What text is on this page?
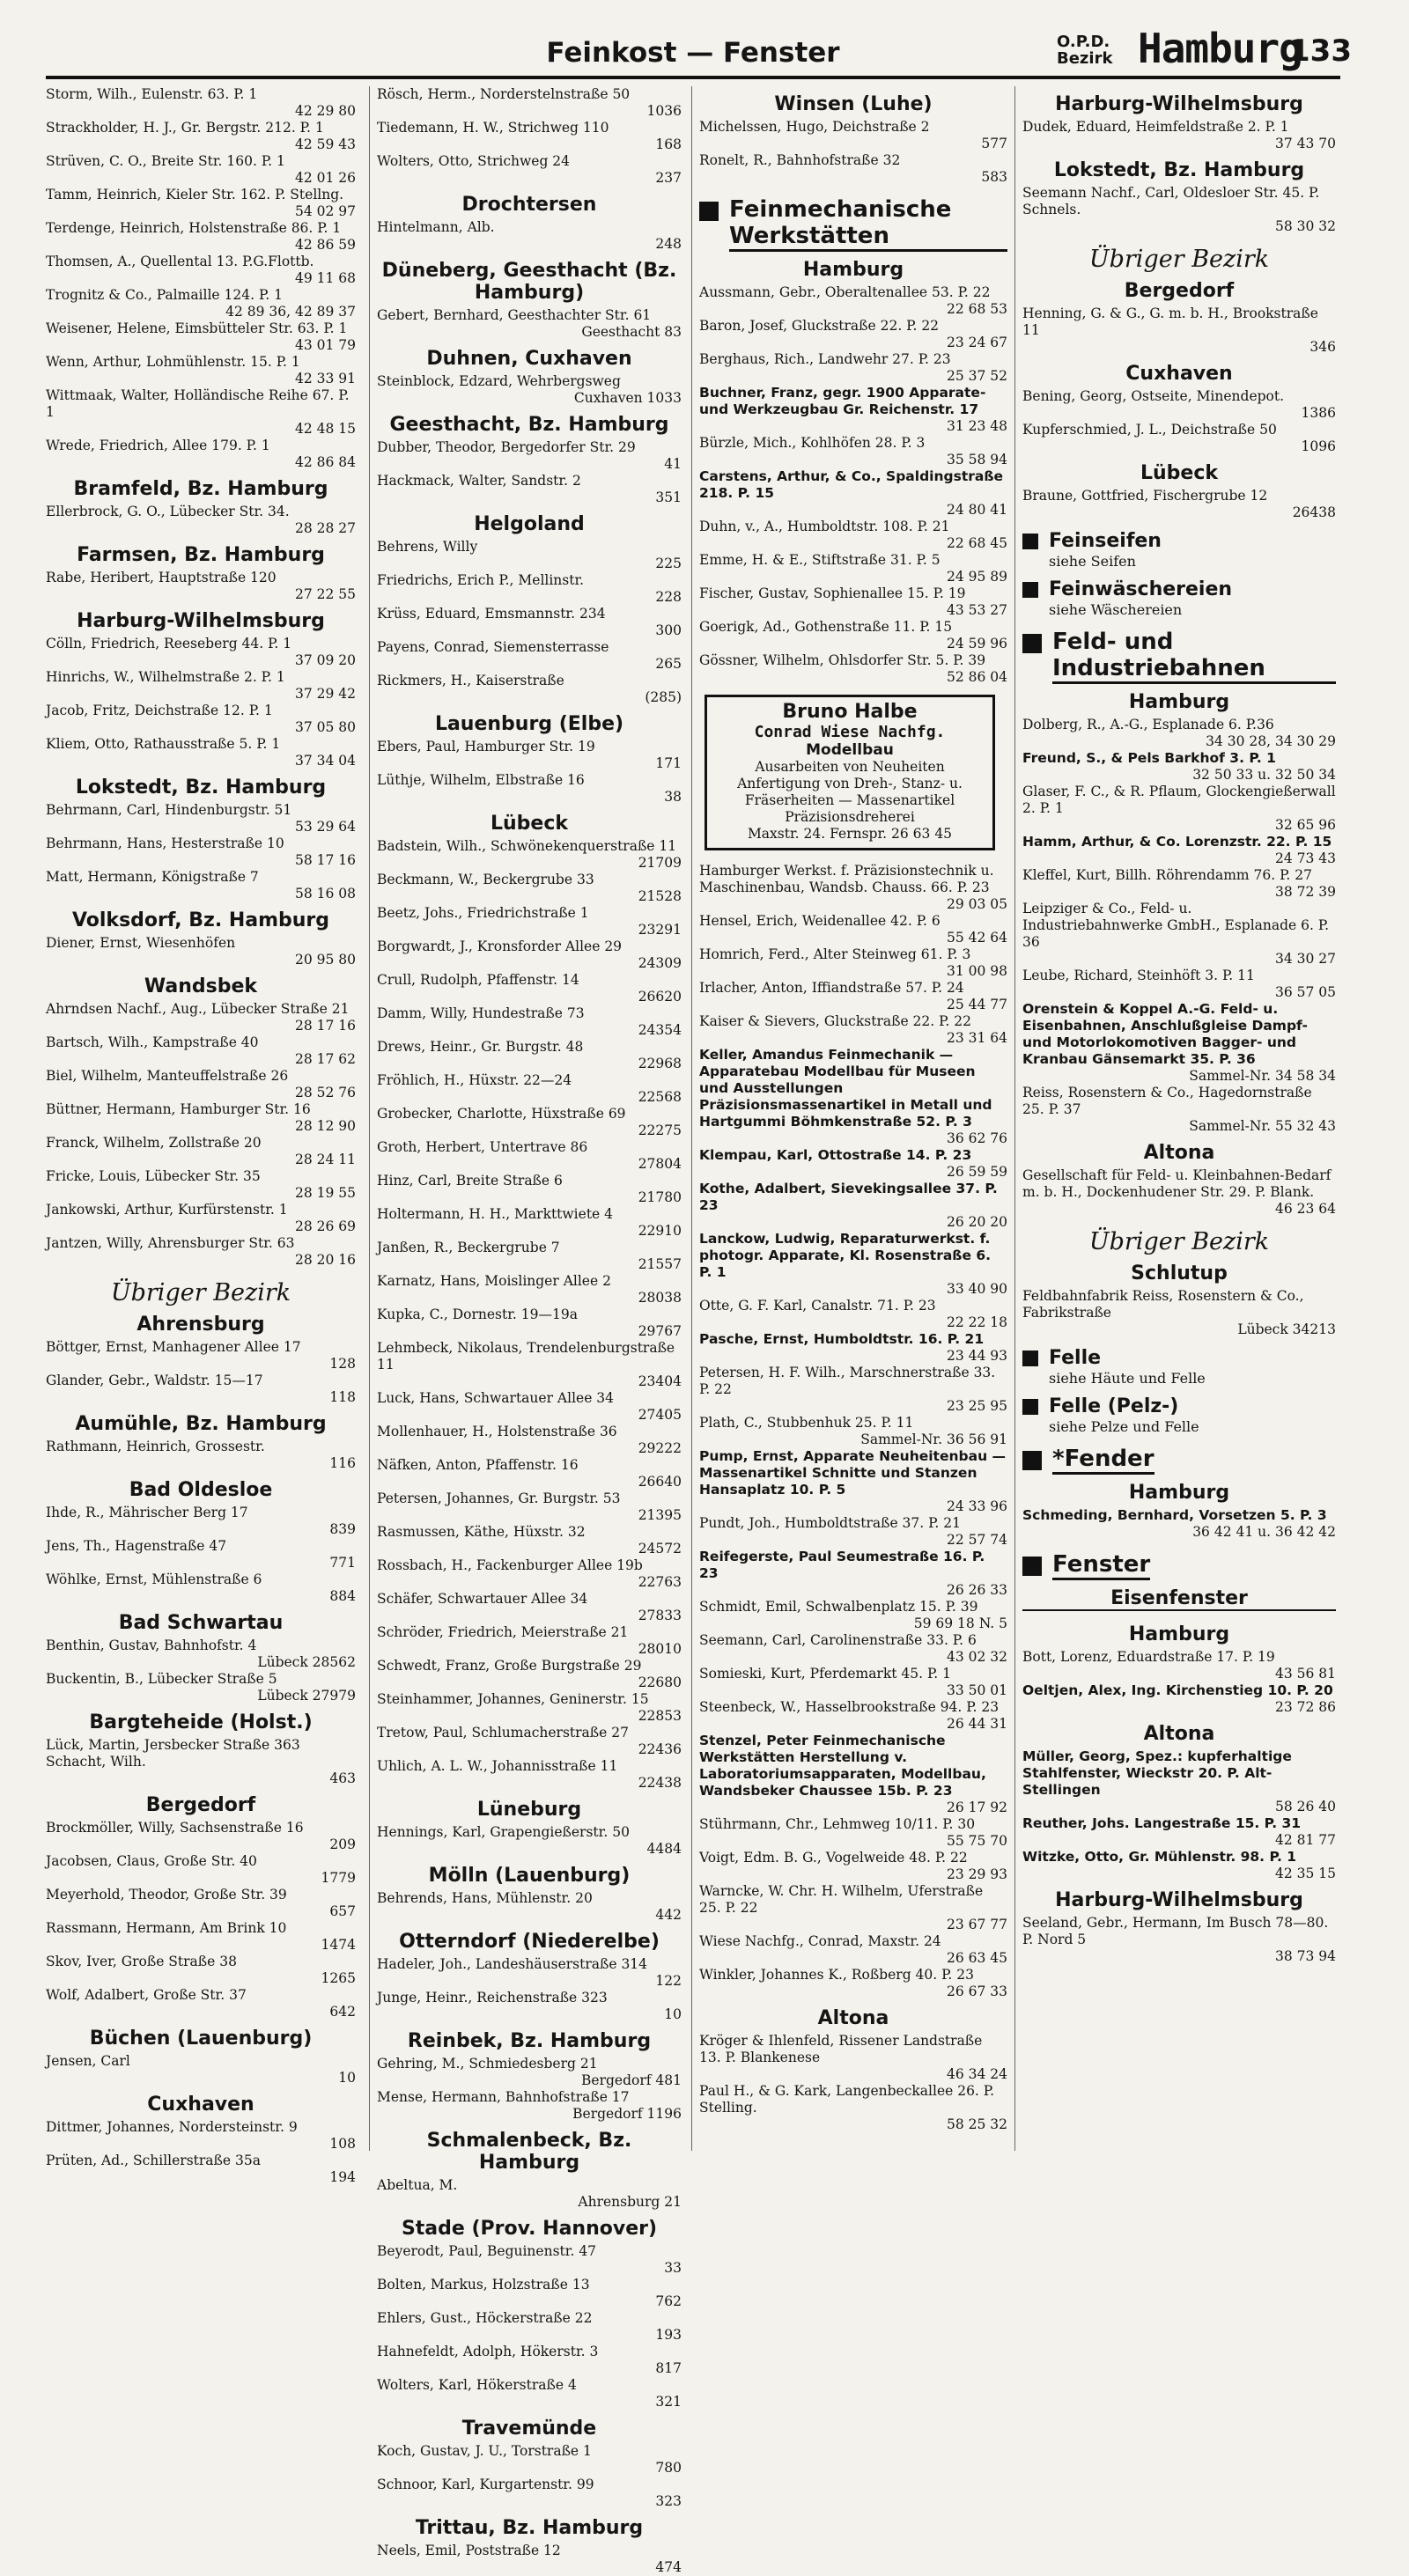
Feinkost — Fenster	O.P.D.
Bezirk Hamburg
133
Storm, Wilh., Eulenstr. 63. P. 1
42 29 80
Strackholder, H. J., Gr. Bergstr. 212. P. 1
42 59 43
Strüven, C. O., Breite Str. 160. P. 1
42 01 26
Tamm, Heinrich, Kieler Str. 162. P. Stellng.
54 02 97
Terdenge, Heinrich, Holstenstraße 86. P. 1
42 86 59
Thomsen, A., Quellental 13. P.G.Flottb.
49 11 68
Trognitz & Co., Palmaille 124. P. 1
42 89 36, 42 89 37
Weisener, Helene, Eimsbütteler Str. 63. P. 1
43 01 79
Wenn, Arthur, Lohmühlenstr. 15. P. 1
42 33 91
Wittmaak, Walter, Holländische Reihe 67. P. 1
42 48 15
Wrede, Friedrich, Allee 179. P. 1
42 86 84
Bramfeld, Bz. Hamburg
Ellerbrock, G. O., Lübecker Str. 34.
28 28 27
Farmsen, Bz. Hamburg
Rabe, Heribert, Hauptstraße 120
27 22 55
Harburg-Wilhelmsburg
Cölln, Friedrich, Reeseberg 44. P. 1
37 09 20
Hinrichs, W., Wilhelmstraße 2. P. 1
37 29 42
Jacob, Fritz, Deichstraße 12. P. 1
37 05 80
Kliem, Otto, Rathausstraße 5. P. 1
37 34 04
Lokstedt, Bz. Hamburg
Behrmann, Carl, Hindenburgstr. 51
53 29 64
Behrmann, Hans, Hesterstraße 10
58 17 16
Matt, Hermann, Königstraße 7
58 16 08
Volksdorf, Bz. Hamburg
Diener, Ernst, Wiesenhöfen
20 95 80
Wandsbek
Ahrndsen Nachf., Aug., Lübecker Straße 21
28 17 16
Bartsch, Wilh., Kampstraße 40
28 17 62
Biel, Wilhelm, Manteuffelstraße 26
28 52 76
Büttner, Hermann, Hamburger Str. 16
28 12 90
Franck, Wilhelm, Zollstraße 20
28 24 11
Fricke, Louis, Lübecker Str. 35
28 19 55
Jankowski, Arthur, Kurfürstenstr. 1
28 26 69
Jantzen, Willy, Ahrensburger Str. 63
28 20 16
Übriger Bezirk
Ahrensburg
Böttger, Ernst, Manhagener Allee 17
128
Glander, Gebr., Waldstr. 15—17
118
Aumühle, Bz. Hamburg
Rathmann, Heinrich, Grossestr.
116
Bad Oldesloe
Ihde, R., Mährischer Berg 17
839
Jens, Th., Hagenstraße 47
771
Wöhlke, Ernst, Mühlenstraße 6
884
Bad Schwartau
Benthin, Gustav, Bahnhofstr. 4
Lübeck 28562
Buckentin, B., Lübecker Straße 5
Lübeck 27979
Bargteheide (Holst.)
Lück, Martin, Jersbecker Straße 363
Schacht, Wilh.
463
Bergedorf
Brockmöller, Willy, Sachsenstraße 16
209
Jacobsen, Claus, Große Str. 40
1779
Meyerhold, Theodor, Große Str. 39
657
Rassmann, Hermann, Am Brink 10
1474
Skov, Iver, Große Straße 38
1265
Wolf, Adalbert, Große Str. 37
642
Büchen (Lauenburg)
Jensen, Carl
10
Cuxhaven
Dittmer, Johannes, Nordersteinstr. 9
108
Prüten, Ad., Schillerstraße 35a
194
Rösch, Herm., Norderstelnstraße 50
1036
Tiedemann, H. W., Strichweg 110
168
Wolters, Otto, Strichweg 24
237
Drochtersen
Hintelmann, Alb.
248
Düneberg, Geesthacht (Bz. Hamburg)
Gebert, Bernhard, Geesthachter Str. 61
Geesthacht 83
Duhnen, Cuxhaven
Steinblock, Edzard, Wehrbergsweg
Cuxhaven 1033
Geesthacht, Bz. Hamburg
Dubber, Theodor, Bergedorfer Str. 29
41
Hackmack, Walter, Sandstr. 2
351
Helgoland
Behrens, Willy
225
Friedrichs, Erich P., Mellinstr.
228
Krüss, Eduard, Emsmannstr. 234
300
Payens, Conrad, Siemensterrasse
265
Rickmers, H., Kaiserstraße
(285)
Lauenburg (Elbe)
Ebers, Paul, Hamburger Str. 19
171
Lüthje, Wilhelm, Elbstraße 16
38
Lübeck
Badstein, Wilh., Schwönekenquerstraße 11
21709
Beckmann, W., Beckergrube 33
21528
Beetz, Johs., Friedrichstraße 1
23291
Borgwardt, J., Kronsforder Allee 29
24309
Crull, Rudolph, Pfaffenstr. 14
26620
Damm, Willy, Hundestraße 73
24354
Drews, Heinr., Gr. Burgstr. 48
22968
Fröhlich, H., Hüxstr. 22—24
22568
Grobecker, Charlotte, Hüxstraße 69
22275
Groth, Herbert, Untertrave 86
27804
Hinz, Carl, Breite Straße 6
21780
Holtermann, H. H., Markttwiete 4
22910
Janßen, R., Beckergrube 7
21557
Karnatz, Hans, Moislinger Allee 2
28038
Kupka, C., Dornestr. 19—19a
29767
Lehmbeck, Nikolaus, Trendelenburgstraße 11
23404
Luck, Hans, Schwartauer Allee 34
27405
Mollenhauer, H., Holstenstraße 36
29222
Näfken, Anton, Pfaffenstr. 16
26640
Petersen, Johannes, Gr. Burgstr. 53
21395
Rasmussen, Käthe, Hüxstr. 32
24572
Rossbach, H., Fackenburger Allee 19b
22763
Schäfer, Schwartauer Allee 34
27833
Schröder, Friedrich, Meierstraße 21
28010
Schwedt, Franz, Große Burgstraße 29
22680
Steinhammer, Johannes, Geninerstr. 15
22853
Tretow, Paul, Schlumacherstraße 27
22436
Uhlich, A. L. W., Johannisstraße 11
22438
Lüneburg
Hennings, Karl, Grapengießerstr. 50
4484
Mölln (Lauenburg)
Behrends, Hans, Mühlenstr. 20
442
Otterndorf (Niederelbe)
Hadeler, Joh., Landeshäuserstraße 314
122
Junge, Heinr., Reichenstraße 323
10
Reinbek, Bz. Hamburg
Gehring, M., Schmiedesberg 21
Bergedorf 481
Mense, Hermann, Bahnhofstraße 17
Bergedorf 1196
Schmalenbeck, Bz. Hamburg
Abeltua, M.
Ahrensburg 21
Stade (Prov. Hannover)
Beyerodt, Paul, Beguinenstr. 47
33
Bolten, Markus, Holzstraße 13
762
Ehlers, Gust., Höckerstraße 22
193
Hahnefeldt, Adolph, Hökerstr. 3
817
Wolters, Karl, Hökerstraße 4
321
Travemünde
Koch, Gustav, J. U., Torstraße 1
780
Schnoor, Karl, Kurgartenstr. 99
323
Trittau, Bz. Hamburg
Neels, Emil, Poststraße 12
474
Winsen (Luhe)
Michelssen, Hugo, Deichstraße 2
577
Ronelt, R., Bahnhofstraße 32
583
Feinmechanische Werkstätten
Hamburg
Aussmann, Gebr., Oberaltenallee 53. P. 22
22 68 53
Baron, Josef, Gluckstraße 22. P. 22
23 24 67
Berghaus, Rich., Landwehr 27. P. 23
25 37 52
Buchner, Franz, gegr. 1900 Apparate- und Werkzeugbau Gr. Reichenstr. 17
31 23 48
Bürzle, Mich., Kohlhöfen 28. P. 3
35 58 94
Carstens, Arthur, & Co., Spaldingstraße 218. P. 15
24 80 41
Duhn, v., A., Humboldtstr. 108. P. 21
22 68 45
Emme, H. & E., Stiftstraße 31. P. 5
24 95 89
Fischer, Gustav, Sophienallee 15. P. 19
43 53 27
Goerigk, Ad., Gothenstraße 11. P. 15
24 59 96
Gössner, Wilhelm, Ohlsdorfer Str. 5. P. 39
52 86 04
Bruno Halbe
Conrad Wiese Nachfg.
Modellbau
Ausarbeiten von Neuheiten Anfertigung von Dreh-, Stanz- u. Fräserheiten — Massenartikel Präzisionsdreherei
Maxstr. 24. Fernspr. 26 63 45
Hamburger Werkst. f. Präzisionstechnik u. Maschinenbau, Wandsb. Chauss. 66. P. 23
29 03 05
Hensel, Erich, Weidenallee 42. P. 6
55 42 64
Homrich, Ferd., Alter Steinweg 61. P. 3
31 00 98
Irlacher, Anton, Iffiandstraße 57. P. 24
25 44 77
Kaiser & Sievers, Gluckstraße 22. P. 22
23 31 64
Keller, Amandus Feinmechanik — Apparatebau Modellbau für Museen und Ausstellungen Präzisionsmassenartikel in Metall und Hartgummi Böhmkenstraße 52. P. 3
36 62 76
Klempau, Karl, Ottostraße 14. P. 23
26 59 59
Kothe, Adalbert, Sievekingsallee 37. P. 23
26 20 20
Lanckow, Ludwig, Reparaturwerkst. f. photogr. Apparate, Kl. Rosenstraße 6. P. 1
33 40 90
Otte, G. F. Karl, Canalstr. 71. P. 23
22 22 18
Pasche, Ernst, Humboldtstr. 16. P. 21
23 44 93
Petersen, H. F. Wilh., Marschnerstraße 33. P. 22
23 25 95
Plath, C., Stubbenhuk 25. P. 11
Sammel-Nr. 36 56 91
Pump, Ernst, Apparate Neuheitenbau — Massenartikel Schnitte und Stanzen Hansaplatz 10. P. 5
24 33 96
Pundt, Joh., Humboldtstraße 37. P. 21
22 57 74
Reifegerste, Paul Seumestraße 16. P. 23
26 26 33
Schmidt, Emil, Schwalbenplatz 15. P. 39
59 69 18 N. 5
Seemann, Carl, Carolinenstraße 33. P. 6
43 02 32
Somieski, Kurt, Pferdemarkt 45. P. 1
33 50 01
Steenbeck, W., Hasselbrookstraße 94. P. 23
26 44 31
Stenzel, Peter Feinmechanische Werkstätten Herstellung v. Laboratoriumsapparaten, Modellbau, Wandsbeker Chaussee 15b. P. 23
26 17 92
Stührmann, Chr., Lehmweg 10/11. P. 30
55 75 70
Voigt, Edm. B. G., Vogelweide 48. P. 22
23 29 93
Warncke, W. Chr. H. Wilhelm, Uferstraße 25. P. 22
23 67 77
Wiese Nachfg., Conrad, Maxstr. 24
26 63 45
Winkler, Johannes K., Roßberg 40. P. 23
26 67 33
Altona
Kröger & Ihlenfeld, Rissener Landstraße 13. P. Blankenese
46 34 24
Paul H., & G. Kark, Langenbeckallee 26. P. Stelling.
58 25 32
Harburg-Wilhelmsburg
Dudek, Eduard, Heimfeldstraße 2. P. 1
37 43 70
Lokstedt, Bz. Hamburg
Seemann Nachf., Carl, Oldesloer Str. 45. P. Schnels.
58 30 32
Übriger Bezirk
Bergedorf
Henning, G. & G., G. m. b. H., Brookstraße 11
346
Cuxhaven
Bening, Georg, Ostseite, Minendepot.
1386
Kupferschmied, J. L., Deichstraße 50
1096
Lübeck
Braune, Gottfried, Fischergrube 12
26438
Feinseifen
siehe Seifen
Feinwäschereien
siehe Wäschereien
Feld- und Industriebahnen
Hamburg
Dolberg, R., A.-G., Esplanade 6. P.36
34 30 28, 34 30 29
Freund, S., & Pels Barkhof 3. P. 1
32 50 33 u. 32 50 34
Glaser, F. C., & R. Pflaum, Glockengießerwall 2. P. 1
32 65 96
Hamm, Arthur, & Co. Lorenzstr. 22. P. 15
24 73 43
Kleffel, Kurt, Billh. Röhrendamm 76. P. 27
38 72 39
Leipziger & Co., Feld- u. Industriebahnwerke GmbH., Esplanade 6. P. 36
34 30 27
Leube, Richard, Steinhöft 3. P. 11
36 57 05
Orenstein & Koppel A.-G. Feld- u. Eisenbahnen, Anschlußgleise Dampf- und Motorlokomotiven Bagger- und Kranbau Gänsemarkt 35. P. 36
Sammel-Nr. 34 58 34
Reiss, Rosenstern & Co., Hagedornstraße 25. P. 37
Sammel-Nr. 55 32 43
Altona
Gesellschaft für Feld- u. Kleinbahnen-Bedarf m. b. H., Dockenhudener Str. 29. P. Blank.
46 23 64
Übriger Bezirk
Schlutup
Feldbahnfabrik Reiss, Rosenstern & Co., Fabrikstraße
Lübeck 34213
Felle
siehe Häute und Felle
Felle (Pelz-)
siehe Pelze und Felle
*Fender
Hamburg
Schmeding, Bernhard, Vorsetzen 5. P. 3
36 42 41 u. 36 42 42
Fenster
Eisenfenster
Hamburg
Bott, Lorenz, Eduardstraße 17. P. 19
43 56 81
Oeltjen, Alex, Ing. Kirchenstieg 10. P. 20
23 72 86
Altona
Müller, Georg, Spez.: kupferhaltige Stahlfenster, Wieckstr 20. P. Alt-Stellingen
58 26 40
Reuther, Johs. Langestraße 15. P. 31
42 81 77
Witzke, Otto, Gr. Mühlenstr. 98. P. 1
42 35 15
Harburg-Wilhelmsburg
Seeland, Gebr., Hermann, Im Busch 78—80. P. Nord 5
38 73 94
